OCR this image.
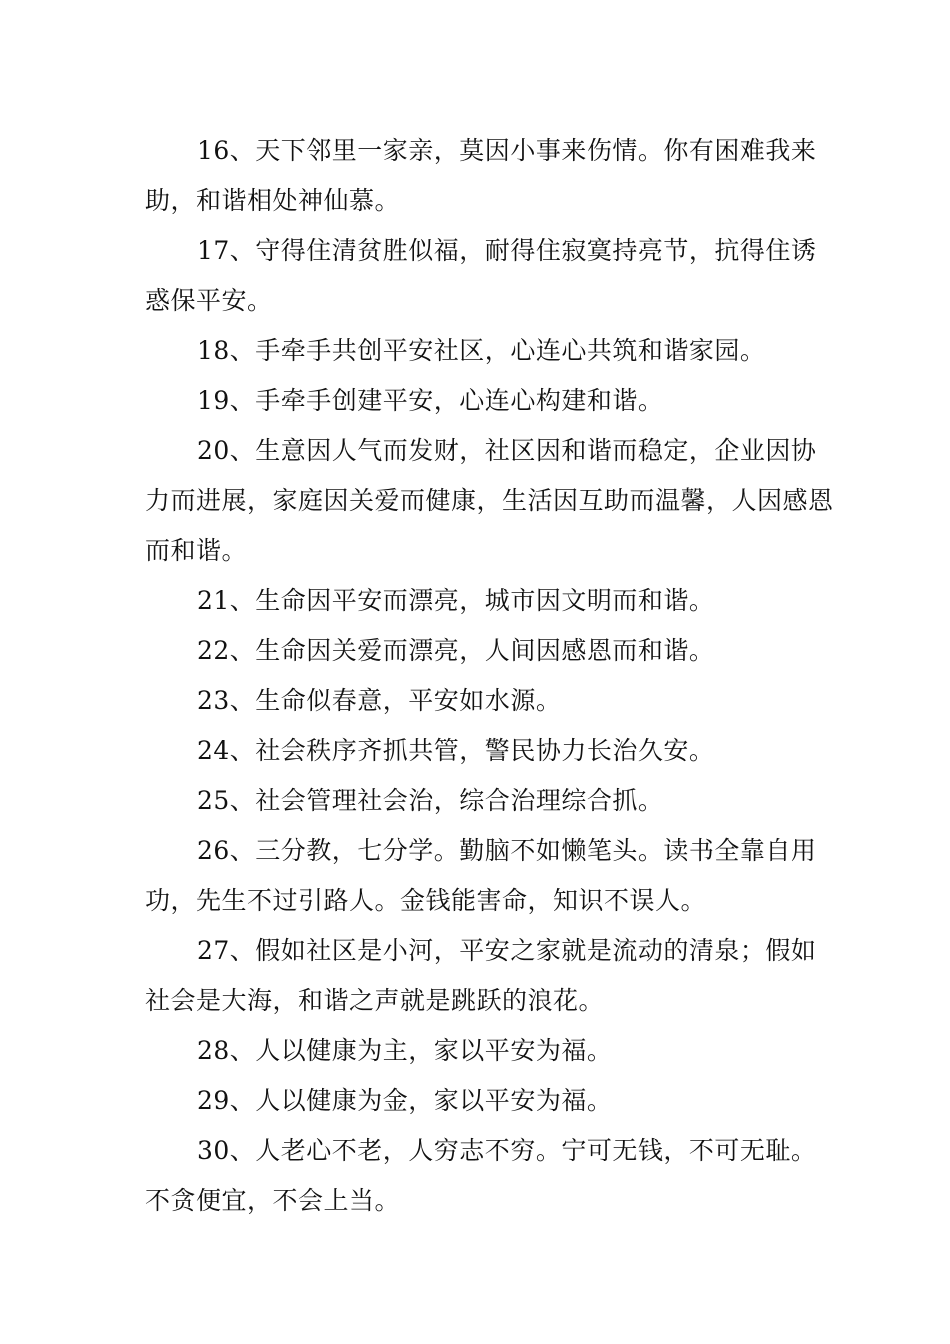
16、天下邻里一家亲，莫因小事来伤情。你有困难我来助，和谐相处神仙慕。

17、守得住清贫胜似福，耐得住寂寞持亮节，抗得住诱惑保平安。

18、手牵手共创平安社区，心连心共筑和谐家园。

19、手牵手创建平安，心连心构建和谐。

20、生意因人气而发财，社区因和谐而稳定，企业因协力而进展，家庭因关爱而健康，生活因互助而温馨，人因感恩而和谐。

21、生命因平安而漂亮，城市因文明而和谐。

22、生命因关爱而漂亮，人间因感恩而和谐。

23、生命似春意，平安如水源。

24、社会秩序齐抓共管，警民协力长治久安。

25、社会管理社会治，综合治理综合抓。

26、三分教，七分学。勤脑不如懒笔头。读书全靠自用功，先生不过引路人。金钱能害命，知识不误人。

27、假如社区是小河，平安之家就是流动的清泉；假如社会是大海，和谐之声就是跳跃的浪花。

28、人以健康为主，家以平安为福。

29、人以健康为金，家以平安为福。

30、人老心不老，人穷志不穷。宁可无钱，不可无耻。不贪便宜，不会上当。
